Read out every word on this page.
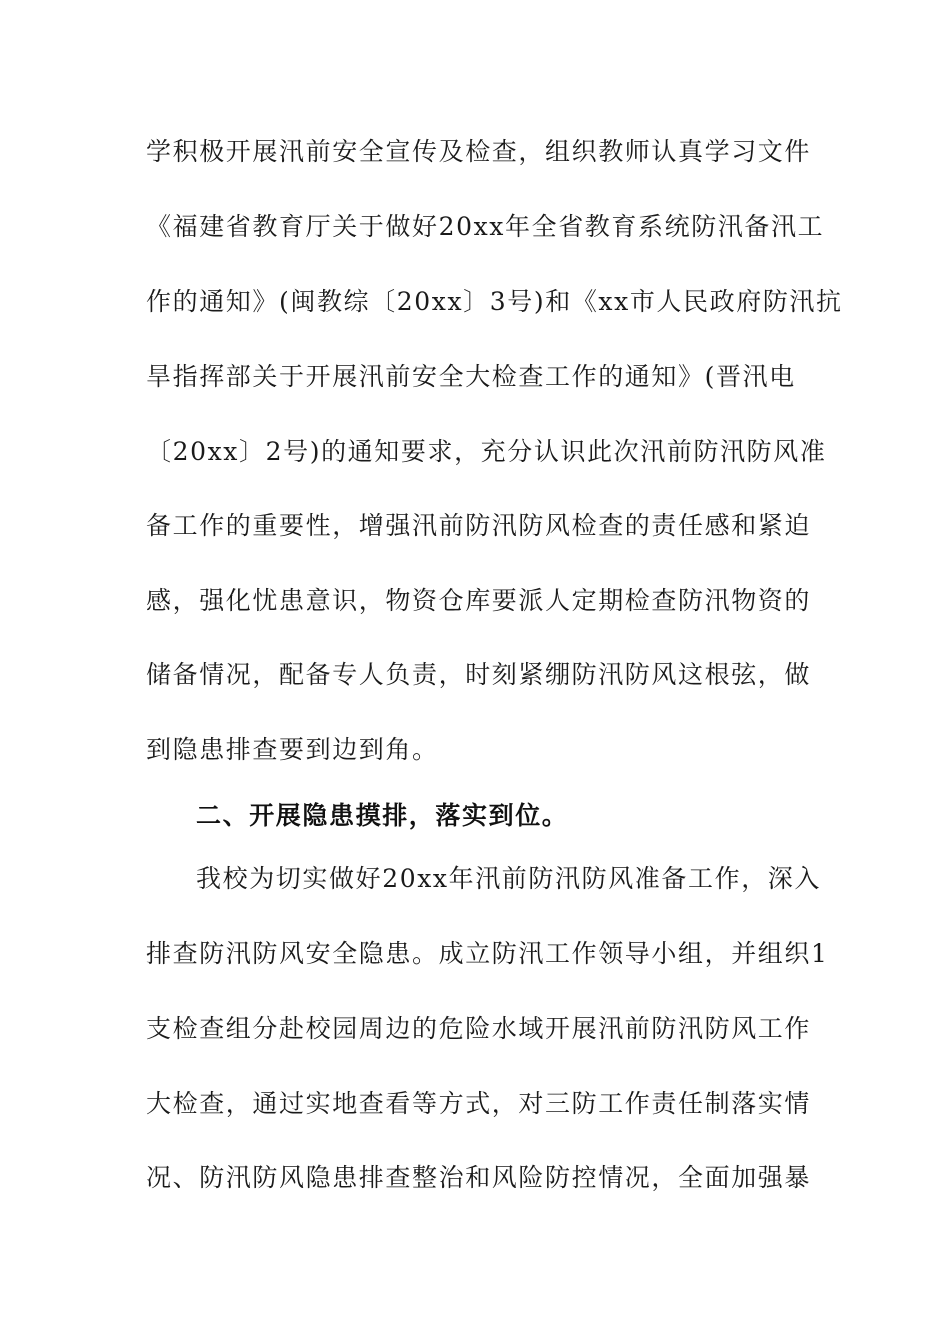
学积极开展汛前安全宣传及检查，组织教师认真学习文件
《福建省教育厅关于做好20xx年全省教育系统防汛备汛工
作的通知》(闽教综〔20xx〕3号)和《xx市人民政府防汛抗
旱指挥部关于开展汛前安全大检查工作的通知》(晋汛电
〔20xx〕2号)的通知要求，充分认识此次汛前防汛防风准
备工作的重要性，增强汛前防汛防风检查的责任感和紧迫
感，强化忧患意识，物资仓库要派人定期检查防汛物资的
储备情况，配备专人负责，时刻紧绷防汛防风这根弦，做
到隐患排查要到边到角。
二、开展隐患摸排，落实到位。
我校为切实做好20xx年汛前防汛防风准备工作，深入
排查防汛防风安全隐患。成立防汛工作领导小组，并组织1
支检查组分赴校园周边的危险水域开展汛前防汛防风工作
大检查，通过实地查看等方式，对三防工作责任制落实情
况、防汛防风隐患排查整治和风险防控情况，全面加强暴
